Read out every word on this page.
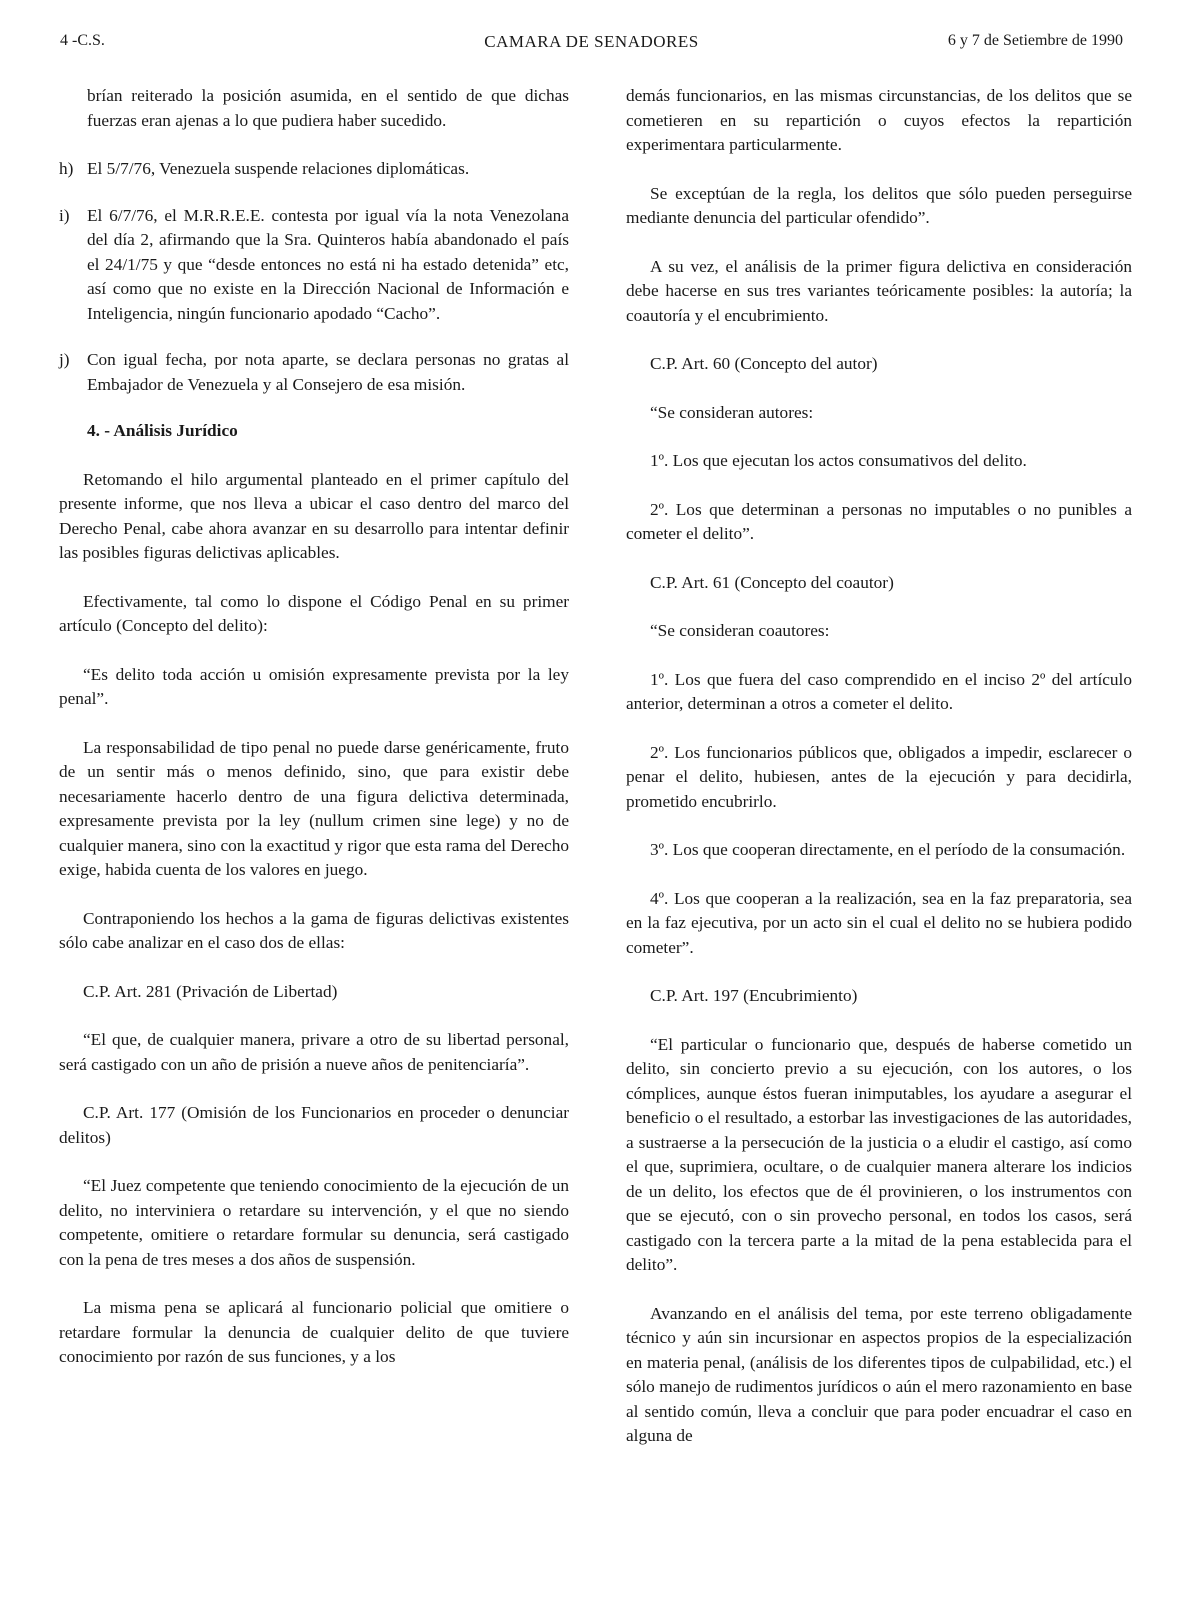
4 -C.S.	CAMARA DE SENADORES	6 y 7 de Setiembre de 1990

brían reiterado la posición asumida, en el sentido de que dichas fuerzas eran ajenas a lo que pudiera haber sucedido.

h) El 5/7/76, Venezuela suspende relaciones diplomáticas.
i)	El 6/7/76, el M.R.R.E.E. contesta por igual vía la nota Venezolana del día 2, afirmando que la Sra. Quinteros había abandonado el país el 24/1/75 y que “desde entonces no está ni ha estado detenida” etc, así como que no existe en la Dirección Nacional de Información e Inteligencia, ningún funcionario apodado “Cacho”.
j)	Con igual fecha, por nota aparte, se declara personas no gratas al Embajador de Venezuela y al Consejero de esa misión.
4. - Análisis Jurídico

Retomando el hilo argumental planteado en el primer capítulo del presente informe, que nos lleva a ubicar el caso dentro del marco del Derecho Penal, cabe ahora avanzar en su desarrollo para intentar definir las posibles figuras delictivas aplicables.

Efectivamente, tal como lo dispone el Código Penal en su primer artículo (Concepto del delito):

“Es delito toda acción u omisión expresamente prevista por la ley penal”.

La responsabilidad de tipo penal no puede darse genéricamente, fruto de un sentir más o menos definido, sino, que para existir debe necesariamente hacerlo dentro de una figura delictiva determinada, expresamente prevista por la ley (nullum crimen sine lege) y no de cualquier manera, sino con la exactitud y rigor que esta rama del Derecho exige, habida cuenta de los valores en juego.

Contraponiendo los hechos a la gama de figuras delictivas existentes sólo cabe analizar en el caso dos de ellas:

C.P. Art. 281 (Privación de Libertad)

“El que, de cualquier manera, privare a otro de su libertad personal, será castigado con un año de prisión a nueve años de penitenciaría”.

C.P. Art. 177 (Omisión de los Funcionarios en proceder o denunciar delitos)

“El Juez competente que teniendo conocimiento de la ejecución de un delito, no interviniera o retardare su intervención, y el que no siendo competente, omitiere o retardare formular su denuncia, será castigado con la pena de tres meses a dos años de suspensión.

La misma pena se aplicará al funcionario policial que omitiere o retardare formular la denuncia de cualquier delito de que tuviere conocimiento por razón de sus funciones, y a los

demás funcionarios, en las mismas circunstancias, de los delitos que se cometieren en su repartición o cuyos efectos la repartición experimentara particularmente.

Se exceptúan de la regla, los delitos que sólo pueden perseguirse mediante denuncia del particular ofendido”.

A su vez, el análisis de la primer figura delictiva en consideración debe hacerse en sus tres variantes teóricamente posibles: la autoría; la coautoría y el encubrimiento.

C.P. Art. 60 (Concepto del autor)

“Se consideran autores:

1º. Los que ejecutan los actos consumativos del delito.

2º. Los que determinan a personas no imputables o no punibles a cometer el delito”.

C.P. Art. 61 (Concepto del coautor)

“Se consideran coautores:

1º. Los que fuera del caso comprendido en el inciso 2º del artículo anterior, determinan a otros a cometer el delito.

2º. Los funcionarios públicos que, obligados a impedir, esclarecer o penar el delito, hubiesen, antes de la ejecución y para decidirla, prometido encubrirlo.

3º. Los que cooperan directamente, en el período de la consumación.

4º. Los que cooperan a la realización, sea en la faz preparatoria, sea en la faz ejecutiva, por un acto sin el cual el delito no se hubiera podido cometer”.

C.P. Art. 197 (Encubrimiento)

“El particular o funcionario que, después de haberse cometido un delito, sin concierto previo a su ejecución, con los autores, o los cómplices, aunque éstos fueran inimputables, los ayudare a asegurar el beneficio o el resultado, a estorbar las investigaciones de las autoridades, a sustraerse a la persecución de la justicia o a eludir el castigo, así como el que, suprimiera, ocultare, o de cualquier manera alterare los indicios de un delito, los efectos que de él provinieren, o los instrumentos con que se ejecutó, con o sin provecho personal, en todos los casos, será castigado con la tercera parte a la mitad de la pena establecida para el delito”.

Avanzando en el análisis del tema, por este terreno obligadamente técnico y aún sin incursionar en aspectos propios de la especialización en materia penal, (análisis de los diferentes tipos de culpabilidad, etc.) el sólo manejo de rudimentos jurídicos o aún el mero razonamiento en base al sentido común, lleva a concluir que para poder encuadrar el caso en alguna de
